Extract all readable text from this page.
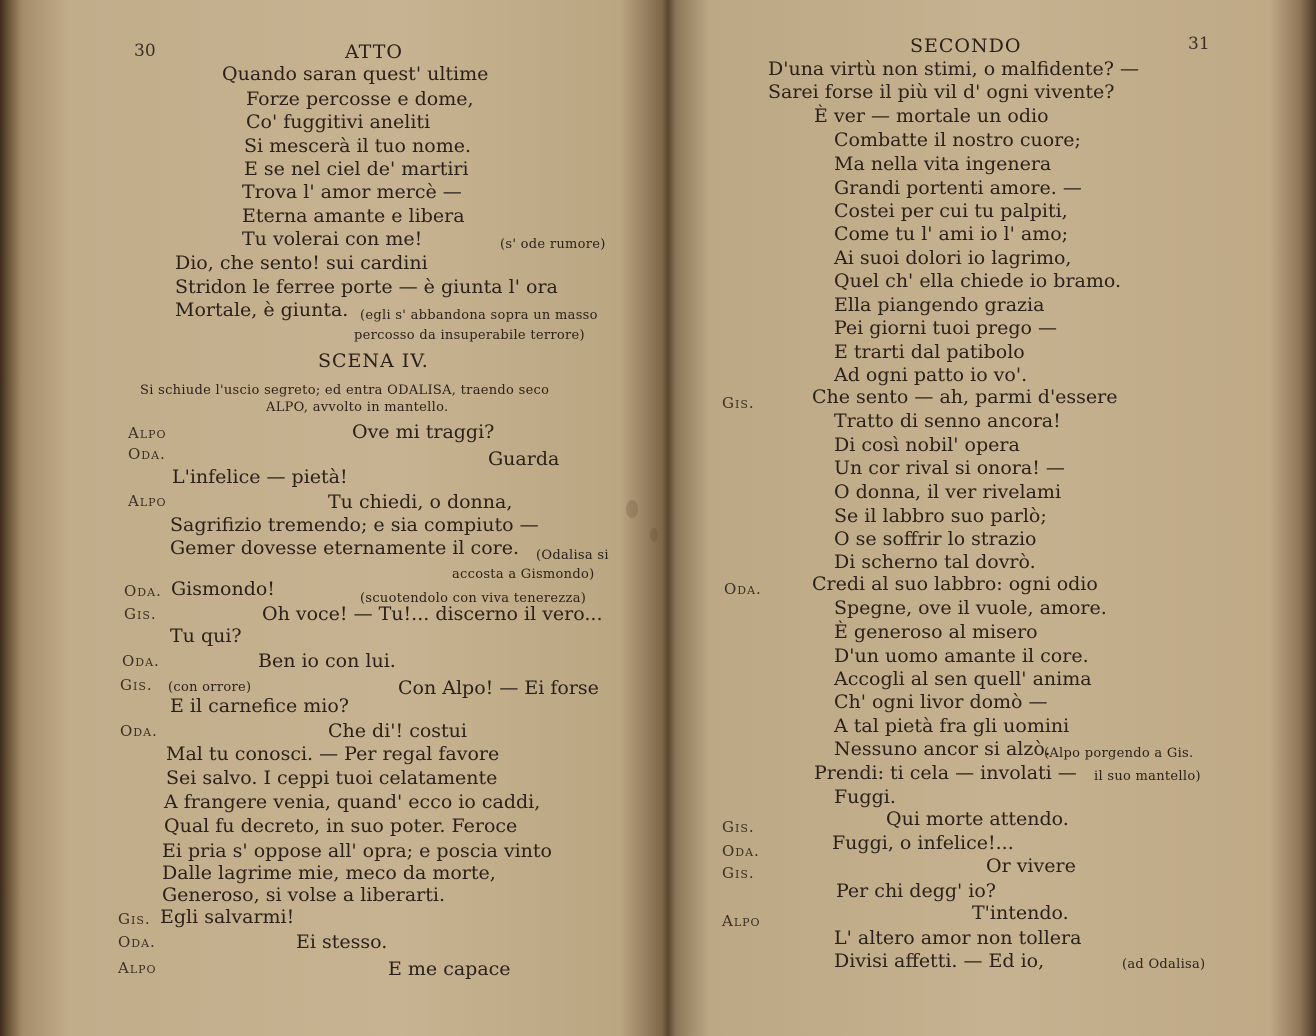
30	ATTO
Quando saran quest' ultime
Forze percosse e dome,
Co' fuggitivi aneliti
Si mescerà il tuo nome.
E se nel ciel de' martiri
Trova l' amor mercè —
Eterna amante e libera
Tu volerai con me!	(s' ode rumore)
Dio, che sento! sui cardini
Stridon le ferree porte — è giunta l' ora
Mortale, è giunta. (egli s' abbandona sopra un masso
percosso da insuperabile terrore)
SCENA IV.
Si schiude l'uscio segreto; ed entra ODALISA, traendo seco
ALPO, avvolto in mantello.
Alpo	Ove mi traggi?
Oda.	Guarda
L'infelice — pietà!
Alpo	Tu chiedi, o donna,
Sagrifizio tremendo; e sia compiuto —
Gemer dovesse eternamente il core. (Odalisa si
accosta a Gismondo)
Oda. Gismondo!	(scuotendolo con viva tenerezza)
Gis.	Oh voce! — Tu!... discerno il vero...
Tu qui?
Oda.	Ben io con lui.
Gis. (con orrore)	Con Alpo! — Ei forse
E il carnefice mio?
Oda.	Che di'! costui
Mal tu conosci. — Per regal favore
Sei salvo. I ceppi tuoi celatamente
A frangere venia, quand' ecco io caddi,
Qual fu decreto, in suo poter. Feroce
Ei pria s' oppose all' opra; e poscia vinto
Dalle lagrime mie, meco da morte,
Generoso, si volse a liberarti.
Gis. Egli salvarmi!
Oda.	Ei stesso.
Alpo	E me capace
SECONDO	31
D'una virtù non stimi, o malfidente? —
Sarei forse il più vil d' ogni vivente?
È ver — mortale un odio
Combatte il nostro cuore;
Ma nella vita ingenera
Grandi portenti amore. —
Costei per cui tu palpiti,
Come tu l' ami io l' amo;
Ai suoi dolori io lagrimo,
Quel ch' ella chiede io bramo.
Ella piangendo grazia
Pei giorni tuoi prego —
E trarti dal patibolo
Ad ogni patto io vo'.
Gis.	Che sento — ah, parmi d'essere
Tratto di senno ancora!
Di così nobil' opera
Un cor rival si onora! —
O donna, il ver rivelami
Se il labbro suo parlò;
O se soffrir lo strazio
Di scherno tal dovrò.
Oda.	Credi al suo labbro: ogni odio
Spegne, ove il vuole, amore.
È generoso al misero
D'un uomo amante il core.
Accogli al sen quell' anima
Ch' ogni livor domò —
A tal pietà fra gli uomini
Nessuno ancor si alzò.
(Alpo porgendo a Gis.
Prendi: ti cela — involati — il suo mantello)
Fuggi.
Gis.	Qui morte attendo.
Oda.	Fuggi, o infelice!...
Gis.	Or vivere
Per chi degg' io?
Alpo	T'intendo.
L' altero amor non tollera
Divisi affetti. — Ed io,	(ad Odalisa)
